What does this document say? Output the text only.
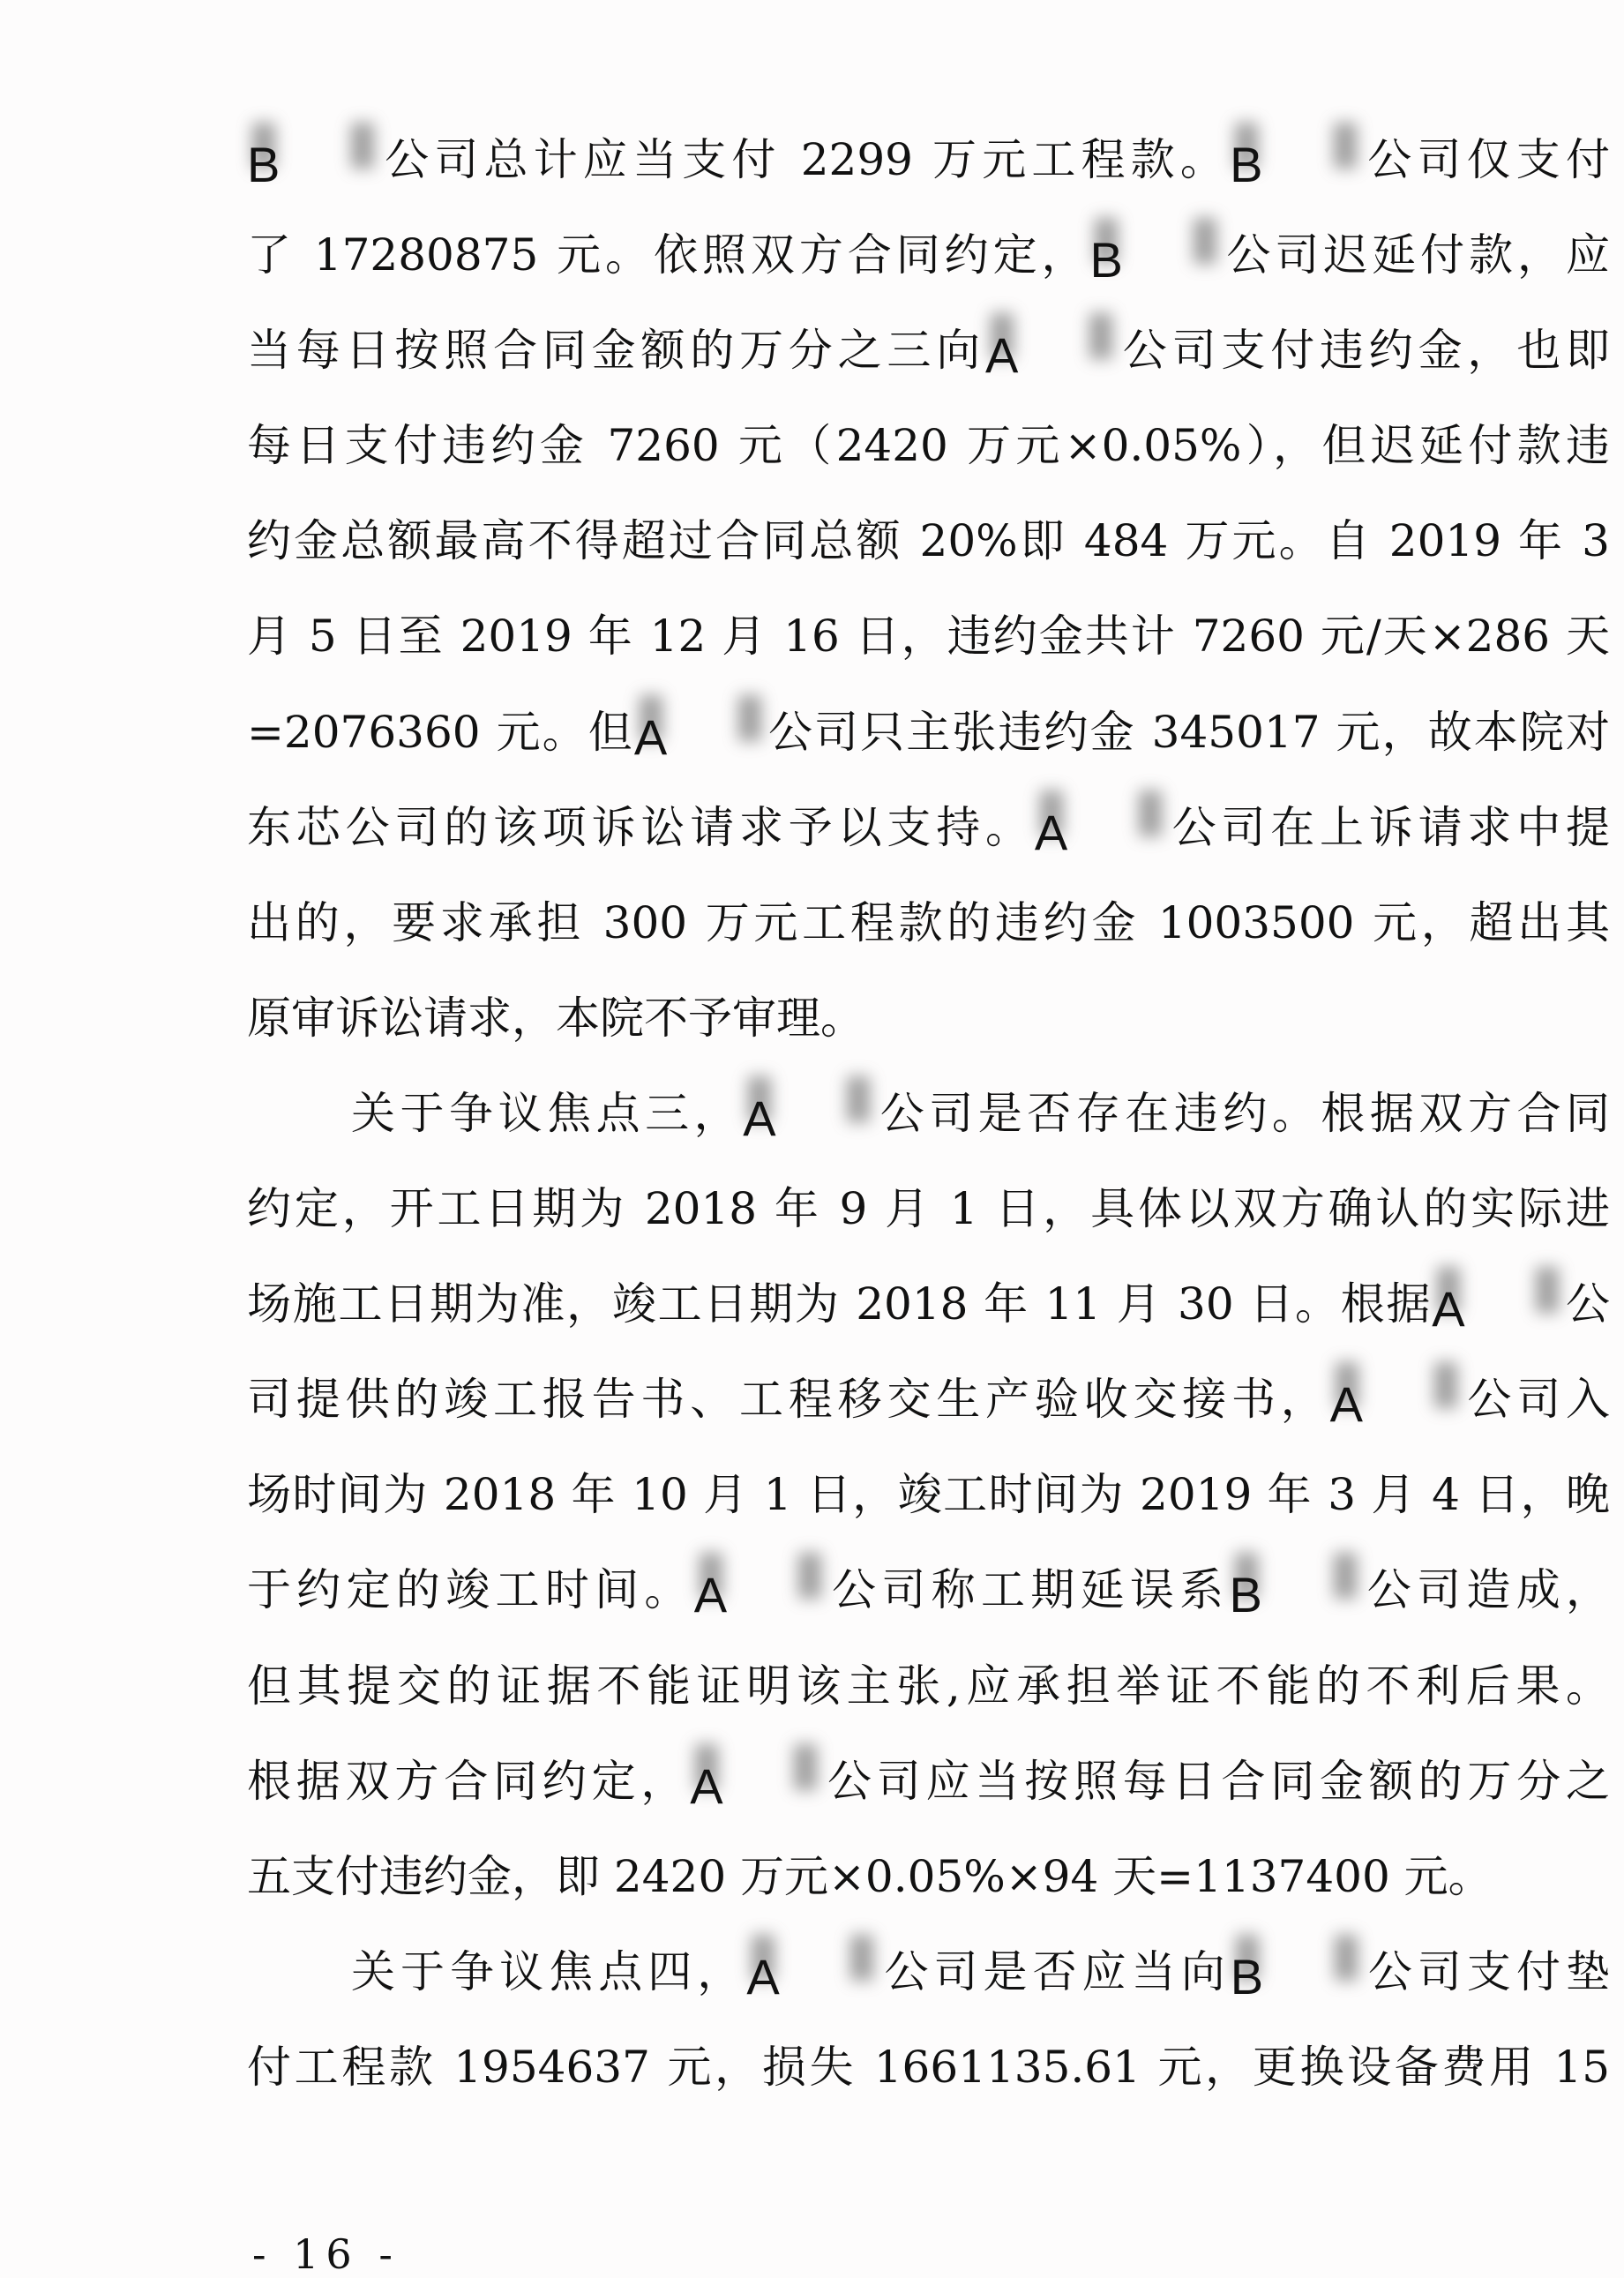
B 公司总计应当支付 2299 万元工程款。
B 公司仅支付
了 17280875 元。依照双方合同约定，
B 公司迟延付款，应
当每日按照合同金额的万分之三向
A 公司支付违约金，也即
每日支付违约金 7260 元（2420 万元×0.05%），但迟延付款违
约金总额最高不得超过合同总额 20%即 484 万元。自 2019 年 3
月 5 日至 2019 年 12 月 16 日，违约金共计 7260 元/天×286 天
=2076360 元。但
A 公司只主张违约金 345017 元，故本院对
东芯公司的该项诉讼请求予以支持。
A 公司在上诉请求中提
出的，要求承担 300 万元工程款的违约金 1003500 元，超出其
原审诉讼请求，本院不予审理。
关于争议焦点三，
A 公司是否存在违约。根据双方合同
约定，开工日期为 2018 年 9 月 1 日，具体以双方确认的实际进
场施工日期为准，竣工日期为 2018 年 11 月 30 日。根据
A 公
司提供的竣工报告书、工程移交生产验收交接书，
A 公司入
场时间为 2018 年 10 月 1 日，竣工时间为 2019 年 3 月 4 日，晚
于约定的竣工时间。
A 公司称工期延误系
B 公司造成，
但其提交的证据不能证明该主张,应承担举证不能的不利后果。
根据双方合同约定，
A 公司应当按照每日合同金额的万分之
五支付违约金，即 2420 万元×0.05%×94 天=1137400 元。
关于争议焦点四，
A 公司是否应当向
B 公司支付垫
付工程款 1954637 元，损失 1661135.61 元，更换设备费用 15
- 16 -
